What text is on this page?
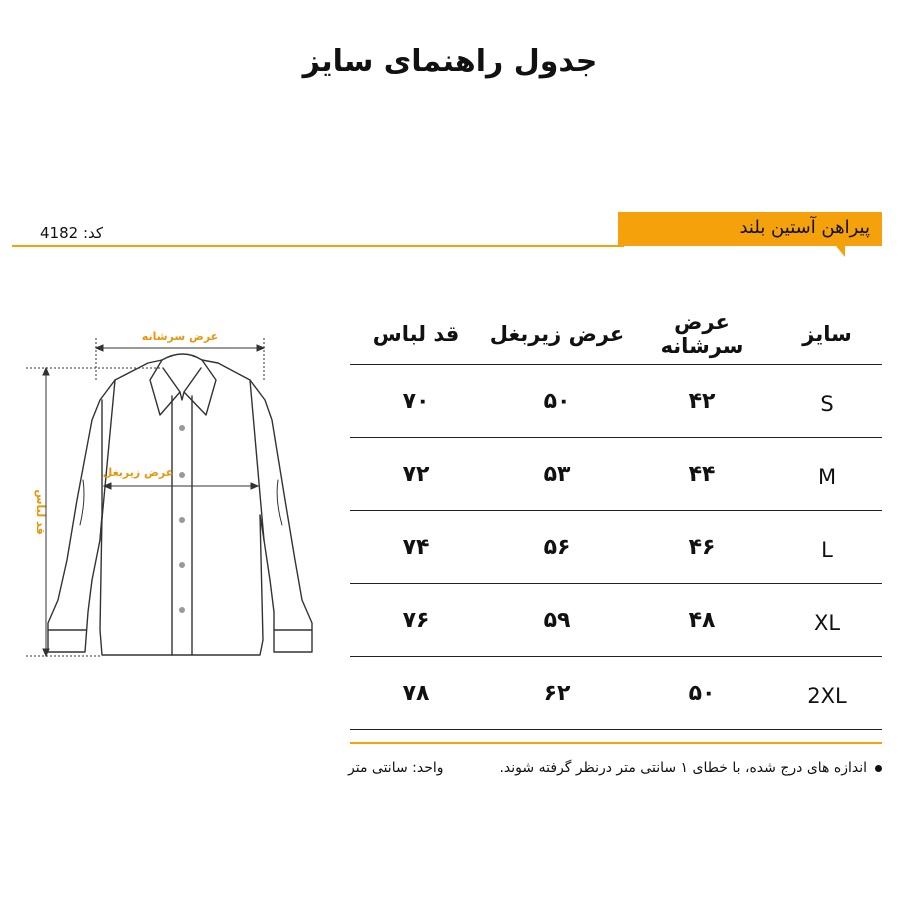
جدول راهنمای سایز
کد: 4182	پیراهن آستین بلند
عرض سرشانه
عرض زیربغل
قد لباس
سایز	عرض سرشانه	عرض زیربغل	قد لباس
S	۴۲	۵۰	۷۰
M	۴۴	۵۳	۷۲
L	۴۶	۵۶	۷۴
XL	۴۸	۵۹	۷۶
2XL	۵۰	۶۲	۷۸
اندازه های درج شده، با خطای ۱ سانتی متر درنظر گرفته شوند.
واحد: سانتی متر
